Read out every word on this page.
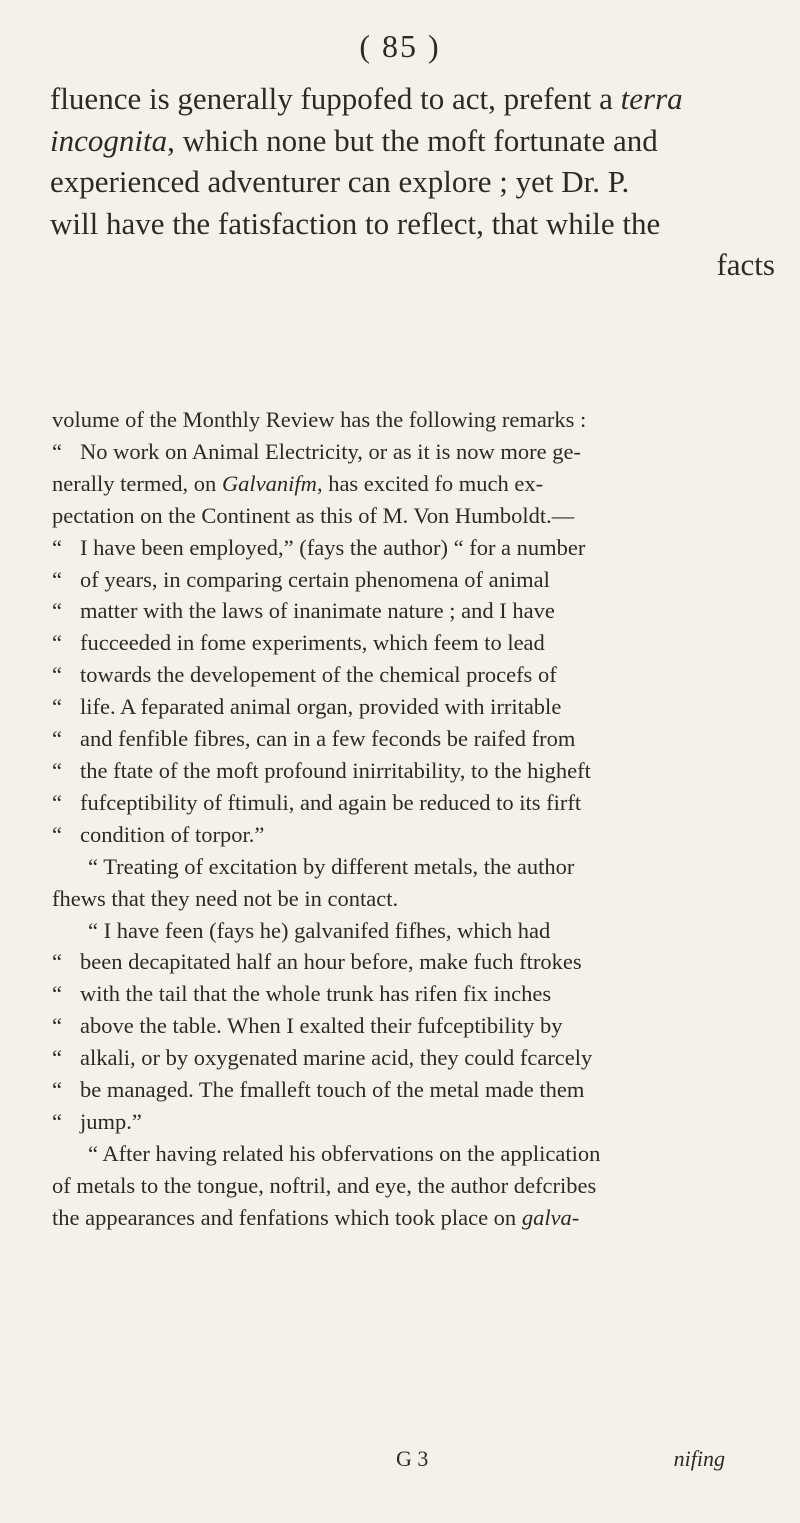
( 85 )
fluence is generally fuppofed to act, prefent a terra
incognita, which none but the moft fortunate and
experienced adventurer can explore ; yet Dr. P.
will have the fatisfaction to reflect, that while the
facts
volume of the Monthly Review has the following remarks :
“ No work on Animal Electricity, or as it is now more ge-
nerally termed, on Galvanifm, has excited fo much ex-
pectation on the Continent as this of M. Von Humboldt.—
“ I have been employed,” (fays the author) “ for a number
“ of years, in comparing certain phenomena of animal
“ matter with the laws of inanimate nature ; and I have
“ fucceeded in fome experiments, which feem to lead
“ towards the developement of the chemical procefs of
“ life. A feparated animal organ, provided with irritable
“ and fenfible fibres, can in a few feconds be raifed from
“ the ftate of the moft profound inirritability, to the higheft
“ fufceptibility of ftimuli, and again be reduced to its firft
“ condition of torpor.”
“ Treating of excitation by different metals, the author
fhews that they need not be in contact.
“ I have feen (fays he) galvanifed fifhes, which had
“ been decapitated half an hour before, make fuch ftrokes
“ with the tail that the whole trunk has rifen fix inches
“ above the table. When I exalted their fufceptibility by
“ alkali, or by oxygenated marine acid, they could fcarcely
“ be managed. The fmalleft touch of the metal made them
“ jump.”
“ After having related his obfervations on the application
of metals to the tongue, noftril, and eye, the author defcribes
the appearances and fenfations which took place on galva-
G 3	nifing
